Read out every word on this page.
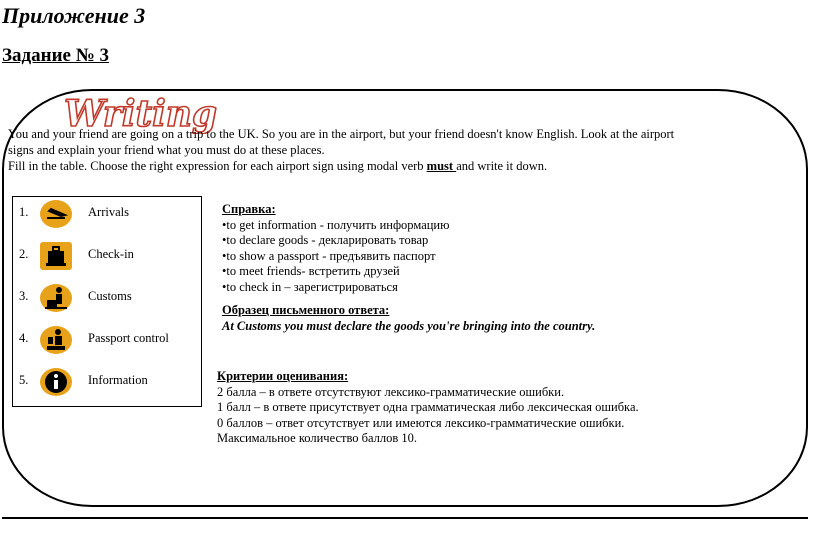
Приложение 3
Задание № 3
Writing

You and your friend are going on a trip to the UK. So you are in the airport, but your friend doesn't know English. Look at the airport signs and explain your friend what you must do at these places.

Fill in the table. Choose the right expression for each airport sign using modal verb must and write it down.

1.	Arrivals
2.	Check-in
3.	Customs
4.	Passport control
5.	Information
Справка:
•to get information - получить информацию
•to declare goods - декларировать товар
•to show a passport - предъявить паспорт
•to meet friends- встретить друзей
•to check in – зарегистрироваться
Образец письменного ответа:
At Customs you must declare the goods you're bringing into the country.
Критерии оценивания:
2 балла – в ответе отсутствуют лексико-грамматические ошибки.
1 балл – в ответе присутствует одна грамматическая либо лексическая ошибка.
0 баллов – ответ отсутствует или имеются лексико-грамматические ошибки.
Максимальное количество баллов 10.
